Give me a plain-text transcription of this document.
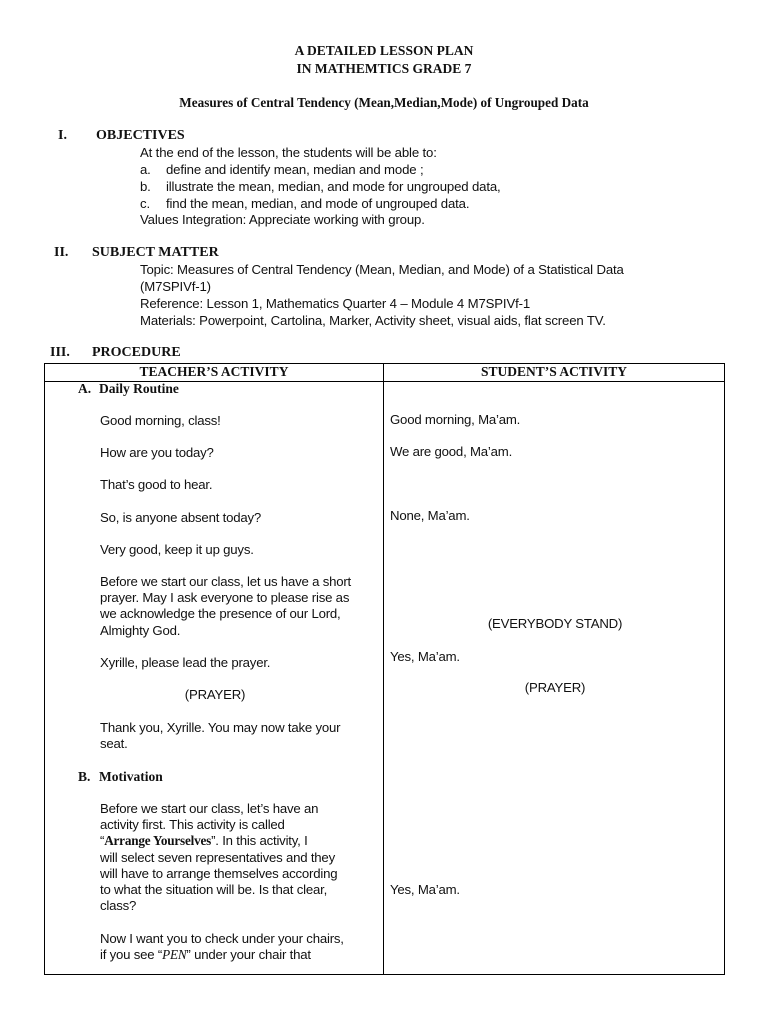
A DETAILED LESSON PLAN
IN MATHEMTICS GRADE 7
Measures of Central Tendency (Mean,Median,Mode) of Ungrouped Data
I. OBJECTIVES
At the end of the lesson, the students will be able to:
a. define and identify mean, median and mode ;
b. illustrate the mean, median, and mode for ungrouped data,
c. find the mean, median, and mode of ungrouped data.
Values Integration: Appreciate working with group.
II. SUBJECT MATTER
Topic: Measures of Central Tendency (Mean, Median, and Mode) of a Statistical Data
(M7SPIVf-1)
Reference: Lesson 1, Mathematics Quarter 4 – Module 4 M7SPIVf-1
Materials: Powerpoint, Cartolina, Marker, Activity sheet, visual aids, flat screen TV.
III. PROCEDURE
TEACHER’S ACTIVITY	STUDENT’S ACTIVITY
A. Daily Routine
Good morning, class!
How are you today?
That’s good to hear.
So, is anyone absent today?
Very good, keep it up guys.
Before we start our class, let us have a short
prayer. May I ask everyone to please rise as
we acknowledge the presence of our Lord,
Almighty God.
Xyrille, please lead the prayer.
(PRAYER)
Thank you, Xyrille. You may now take your
seat.
B. Motivation
Before we start our class, let’s have an
activity first. This activity is called
“Arrange Yourselves”. In this activity, I
will select seven representatives and they
will have to arrange themselves according
to what the situation will be. Is that clear,
class?
Now I want you to check under your chairs,
if you see “PEN” under your chair that
Good morning, Ma’am.
We are good, Ma’am.
None, Ma’am.
(EVERYBODY STAND)
Yes, Ma’am.
(PRAYER)
Yes, Ma’am.
